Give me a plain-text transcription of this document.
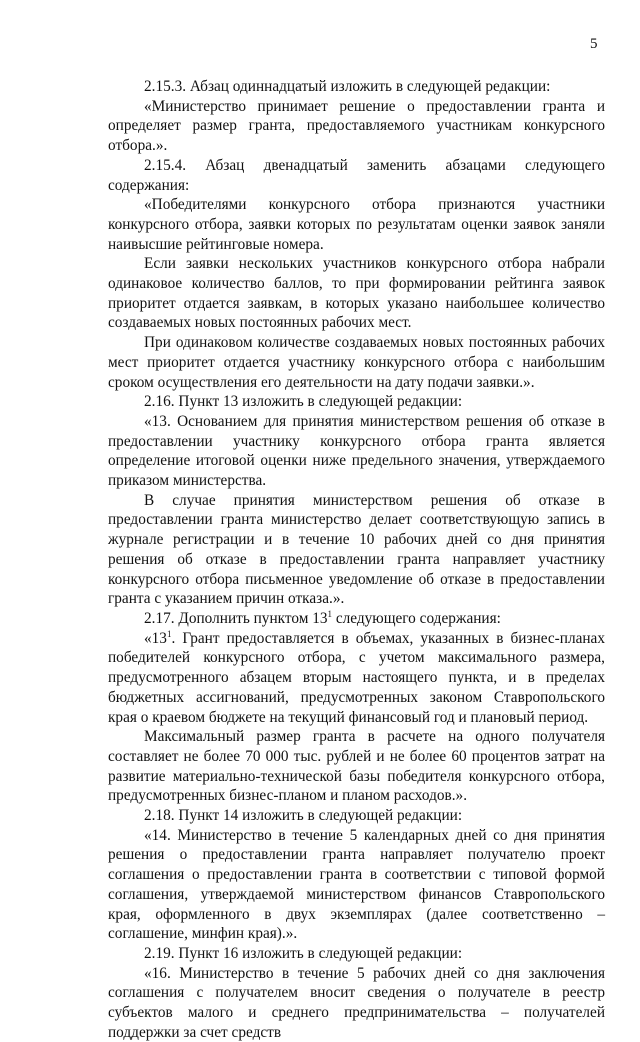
5

2.15.3. Абзац одиннадцатый изложить в следующей редакции:

«Министерство принимает решение о предоставлении гранта и определяет размер гранта, предоставляемого участникам конкурсного отбора.».

2.15.4. Абзац двенадцатый заменить абзацами следующего содержания:

«Победителями конкурсного отбора признаются участники конкурсного отбора, заявки которых по результатам оценки заявок заняли наивысшие рейтинговые номера.

Если заявки нескольких участников конкурсного отбора набрали одинаковое количество баллов, то при формировании рейтинга заявок приоритет отдается заявкам, в которых указано наибольшее количество создаваемых новых постоянных рабочих мест.

При одинаковом количестве создаваемых новых постоянных рабочих мест приоритет отдается участнику конкурсного отбора с наибольшим сроком осуществления его деятельности на дату подачи заявки.».

2.16. Пункт 13 изложить в следующей редакции:

«13. Основанием для принятия министерством решения об отказе в предоставлении участнику конкурсного отбора гранта является определение итоговой оценки ниже предельного значения, утверждаемого приказом министерства.

В случае принятия министерством решения об отказе в предоставлении гранта министерство делает соответствующую запись в журнале регистрации и в течение 10 рабочих дней со дня принятия решения об отказе в предоставлении гранта направляет участнику конкурсного отбора письменное уведомление об отказе в предоставлении гранта с указанием причин отказа.».

2.17. Дополнить пунктом $13^1$ следующего содержания:

«$13^1$. Грант предоставляется в объемах, указанных в бизнес-планах победителей конкурсного отбора, с учетом максимального размера, предусмотренного абзацем вторым настоящего пункта, и в пределах бюджетных ассигнований, предусмотренных законом Ставропольского края о краевом бюджете на текущий финансовый год и плановый период.

Максимальный размер гранта в расчете на одного получателя составляет не более 70 000 тыс. рублей и не более 60 процентов затрат на развитие материально-технической базы победителя конкурсного отбора, предусмотренных бизнес-планом и планом расходов.».

2.18. Пункт 14 изложить в следующей редакции:

«14. Министерство в течение 5 календарных дней со дня принятия решения о предоставлении гранта направляет получателю проект соглашения о предоставлении гранта в соответствии с типовой формой соглашения, утверждаемой министерством финансов Ставропольского края, оформленного в двух экземплярах (далее соответственно – соглашение, минфин края).».

2.19. Пункт 16 изложить в следующей редакции:

«16. Министерство в течение 5 рабочих дней со дня заключения соглашения с получателем вносит сведения о получателе в реестр субъектов малого и среднего предпринимательства – получателей поддержки за счет средств
